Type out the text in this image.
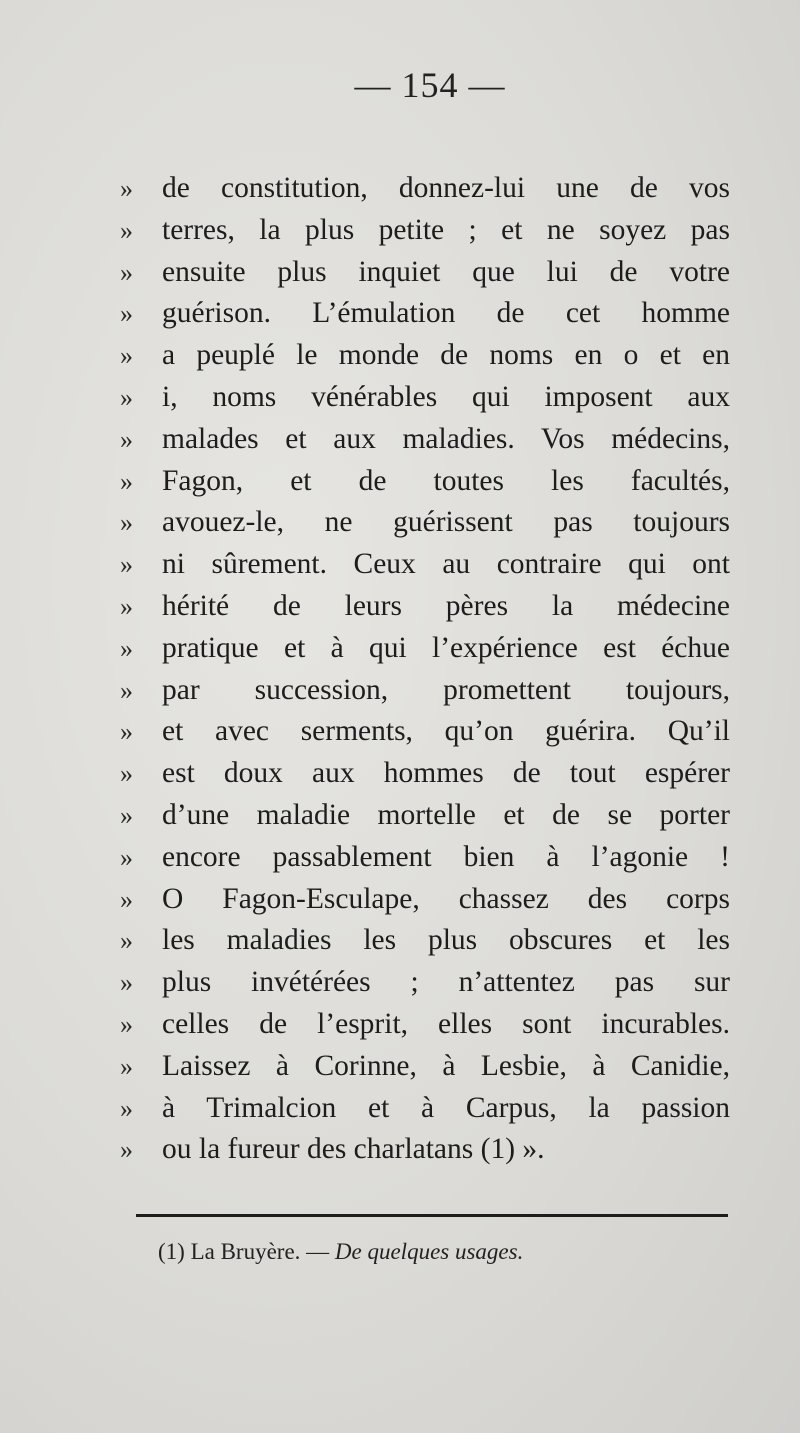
— 154 —
» de constitution, donnez-lui une de vos
» terres, la plus petite ; et ne soyez pas
» ensuite plus inquiet que lui de votre
» guérison. L’émulation de cet homme
» a peuplé le monde de noms en o et en
» i, noms vénérables qui imposent aux
» malades et aux maladies. Vos médecins,
» Fagon, et de toutes les facultés,
» avouez-le, ne guérissent pas toujours
» ni sûrement. Ceux au contraire qui ont
» hérité de leurs pères la médecine
» pratique et à qui l’expérience est échue
» par succession, promettent toujours,
» et avec serments, qu’on guérira. Qu’il
» est doux aux hommes de tout espérer
» d’une maladie mortelle et de se porter
» encore passablement bien à l’agonie !
» O Fagon-Esculape, chassez des corps
» les maladies les plus obscures et les
» plus invétérées ; n’attentez pas sur
» celles de l’esprit, elles sont incurables.
» Laissez à Corinne, à Lesbie, à Canidie,
» à Trimalcion et à Carpus, la passion
» ou la fureur des charlatans (1) ».
(1) La Bruyère. — De quelques usages.
